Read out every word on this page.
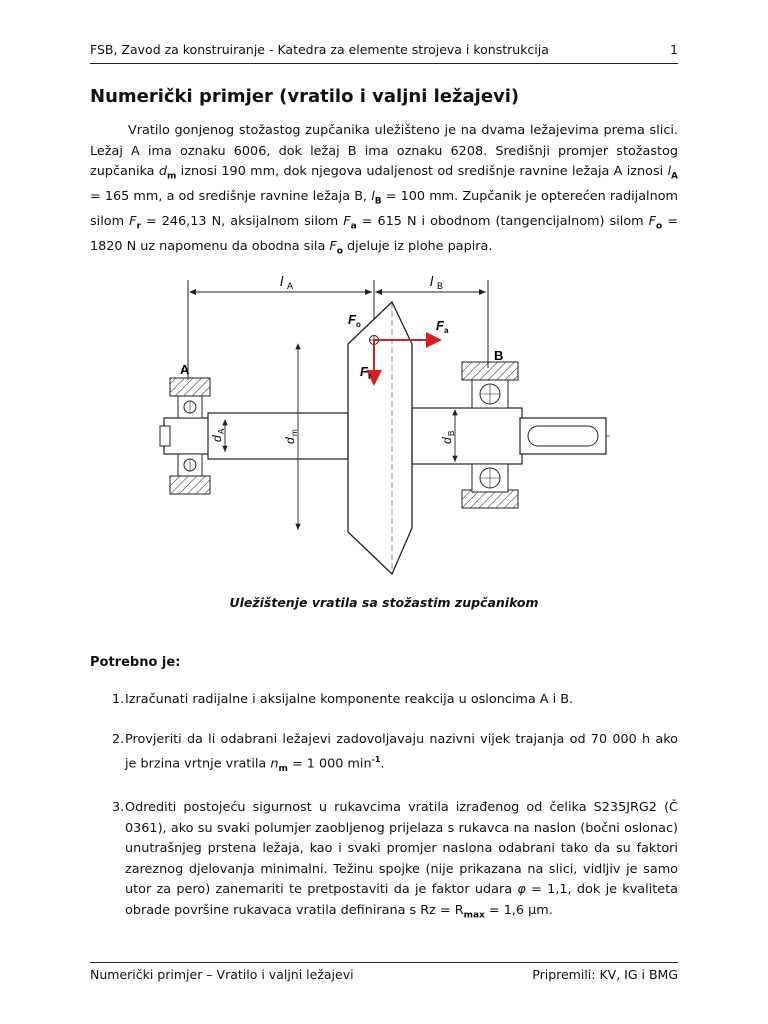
FSB, Zavod za konstruiranje - Katedra za elemente strojeva i konstrukcija	1
Numerički primjer (vratilo i valjni ležajevi)

Vratilo gonjenog stožastog zupčanika uležišteno je na dvama ležajevima prema slici. Ležaj A ima oznaku 6006, dok ležaj B ima oznaku 6208. Središnji promjer stožastog zupčanika $d_m$ iznosi 190 mm, dok njegova udaljenost od središnje ravnine ležaja A iznosi $l_A = 165$ mm, a od središnje ravnine ležaja B, $l_B = 100$ mm. Zupčanik je opterećen radijalnom silom $F_r = 246,13$ N, aksijalnom silom $F_a = 615$ N i obodnom (tangencijalnom) silom $F_o = 1820$ N uz napomenu da obodna sila $F_o$ djeluje iz plohe papira.

l A	l B
A
B
d
A
d
m
d
B
F o	F a
F r
Uležištenje vratila sa stožastim zupčanikom
Potrebno je:
1. Izračunati radijalne i aksijalne komponente reakcija u osloncima A i B.
2. Provjeriti da li odabrani ležajevi zadovoljavaju nazivni vijek trajanja od 70 000 h ako je brzina vrtnje vratila $n_m = 1$ 000 $\min^{-1}$.
3. Odrediti postojeću sigurnost u rukavcima vratila izrađenog od čelika S235JRG2 (Č 0361), ako su svaki polumjer zaobljenog prijelaza s rukavca na naslon (bočni oslonac) unutrašnjeg prstena ležaja, kao i svaki promjer naslona odabrani tako da su faktori zareznog djelovanja minimalni. Težinu spojke (nije prikazana na slici, vidljiv je samo utor za pero) zanemariti te pretpostaviti da je faktor udara φ = 1,1, dok je kvaliteta obrade površine rukavaca vratila definirana s $Rz = R_{max} = 1,6$ μm.
Numerički primjer – Vratilo i valjni ležajevi	Pripremili: KV, IG i BMG
